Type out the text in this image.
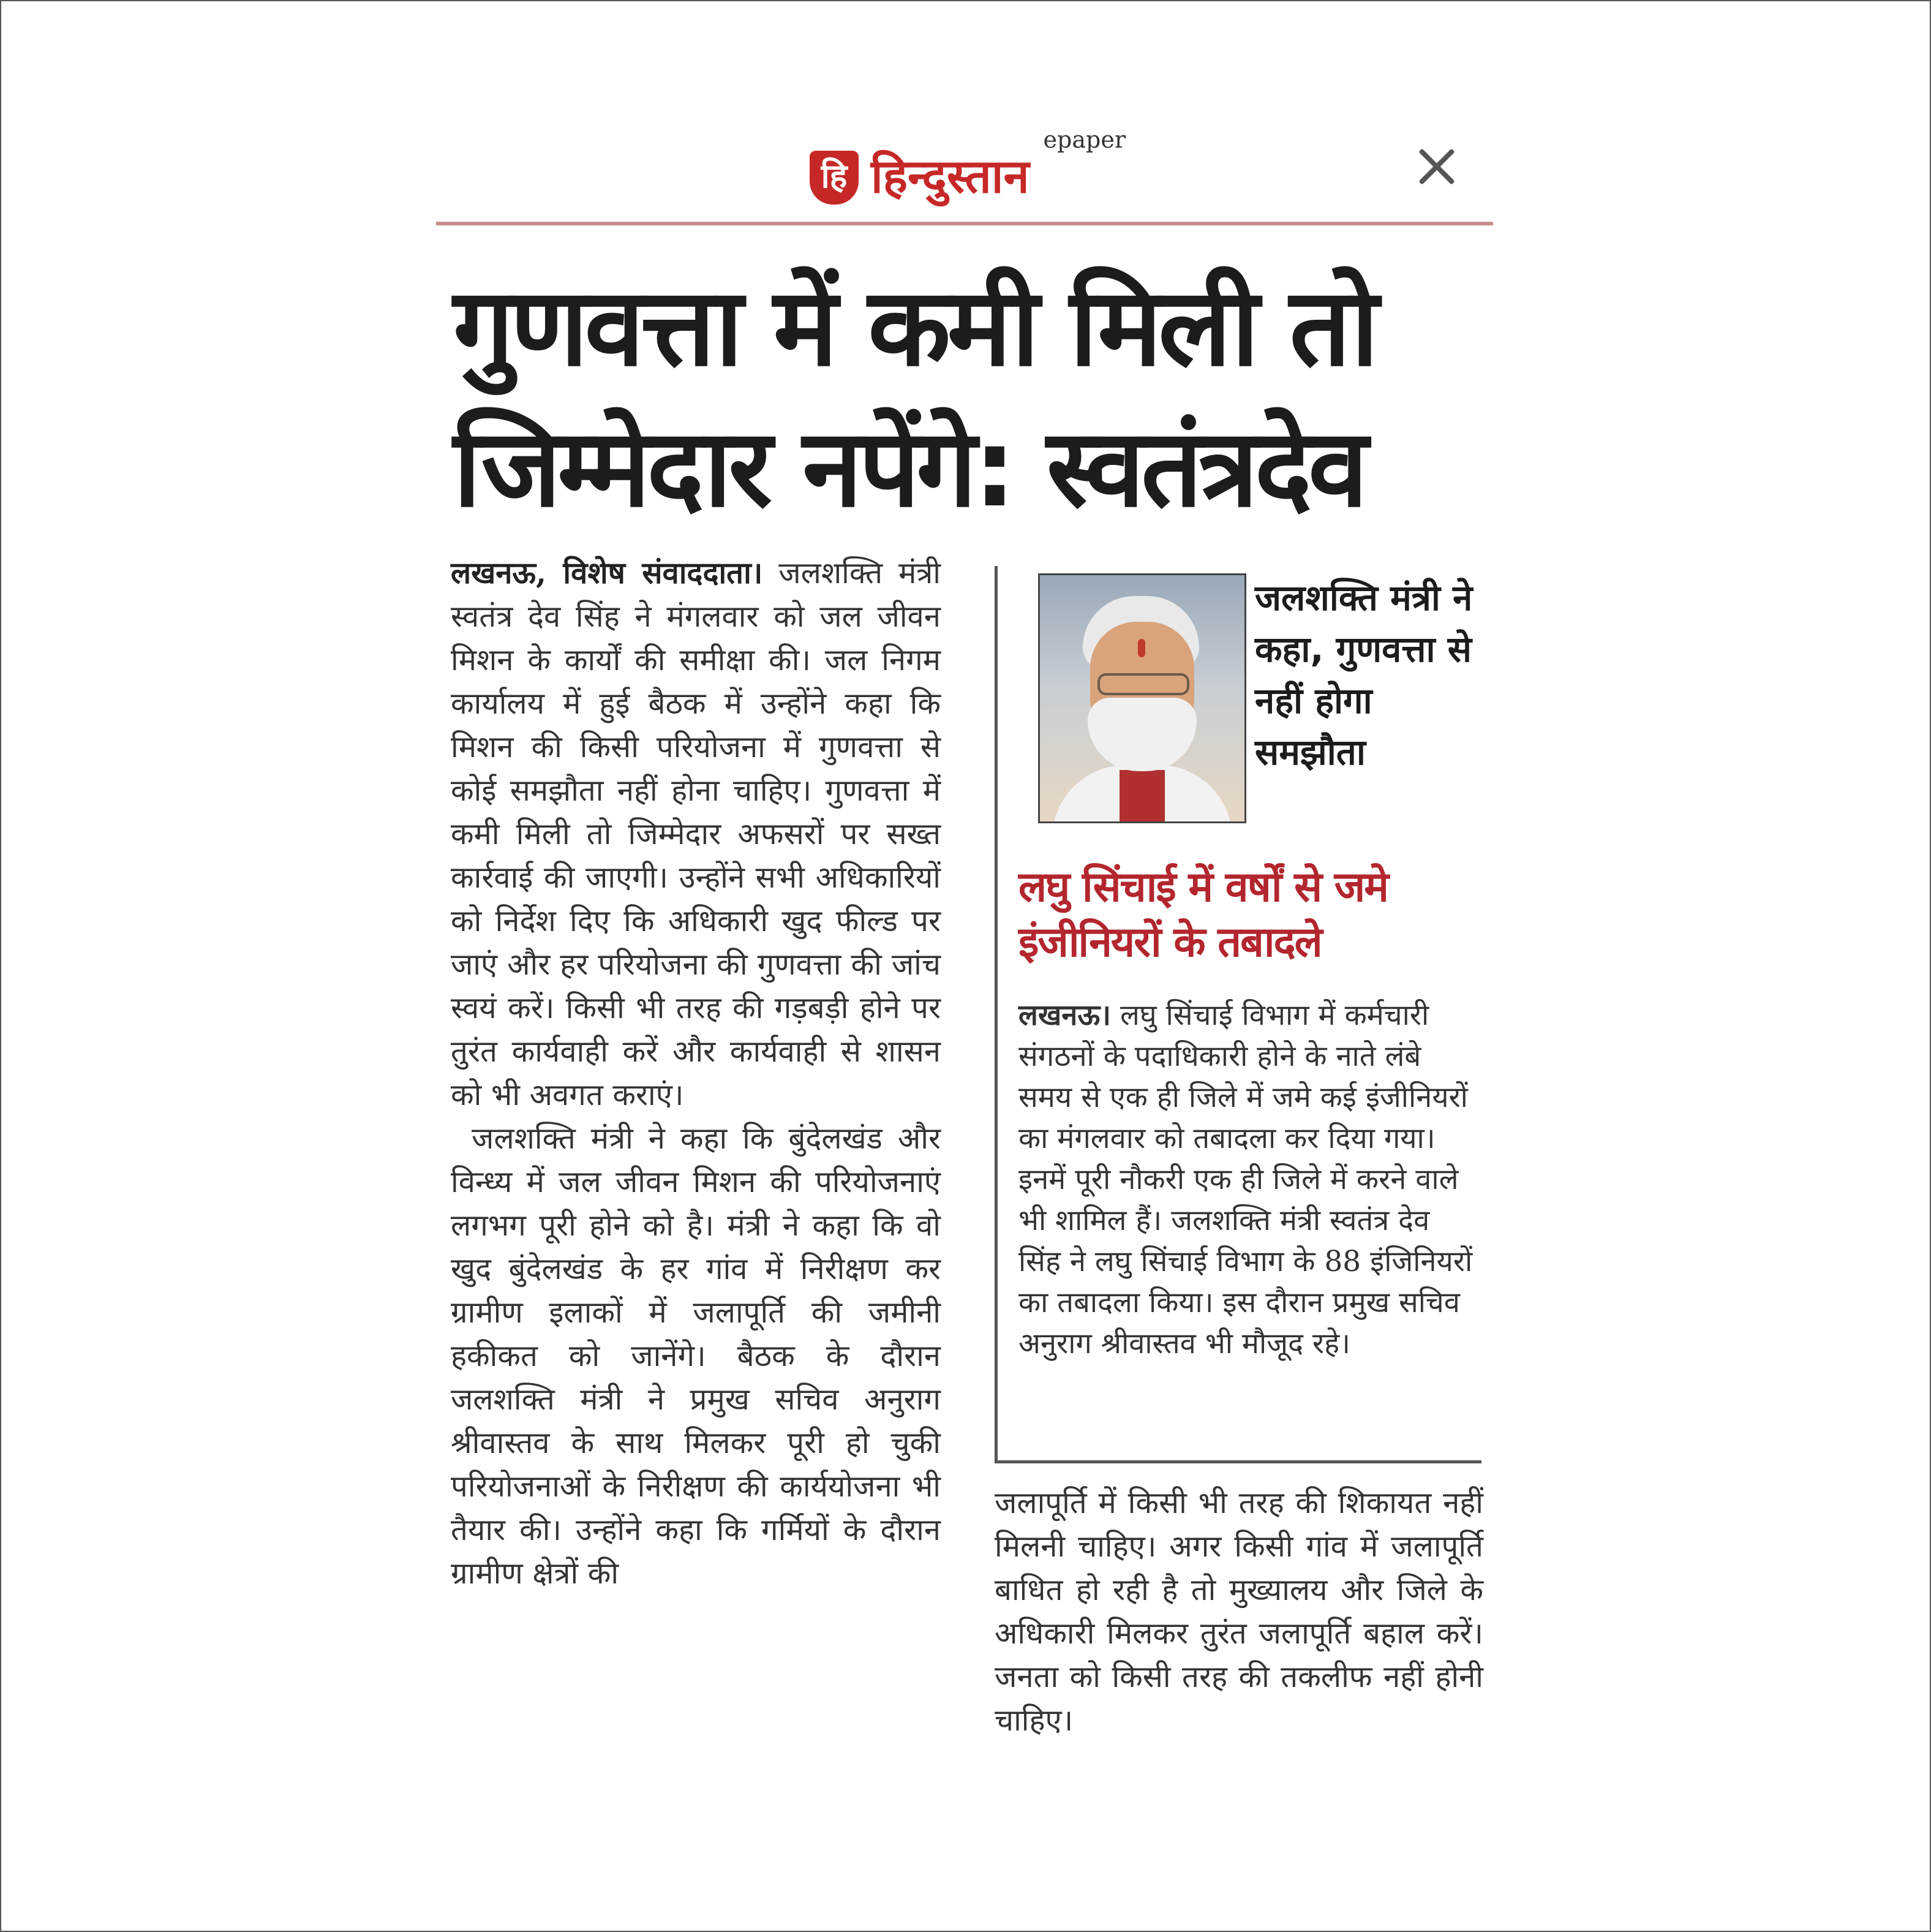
हि हिन्दुस्तान
epaper
गुणवत्ता में कमी मिली तो
जिम्मेदार नपेंगे: स्वतंत्रदेव

लखनऊ, विशेष संवाददाता। जलशक्ति मंत्री स्वतंत्र देव सिंह ने मंगलवार को जल जीवन मिशन के कार्यों की समीक्षा की। जल निगम कार्यालय में हुई बैठक में उन्होंने कहा कि मिशन की किसी परियोजना में गुणवत्ता से कोई समझौता नहीं होना चाहिए। गुणवत्ता में कमी मिली तो जिम्मेदार अफसरों पर सख्त कार्रवाई की जाएगी। उन्होंने सभी अधिकारियों को निर्देश दिए कि अधिकारी खुद फील्ड पर जाएं और हर परियोजना की गुणवत्ता की जांच स्वयं करें। किसी भी तरह की गड़बड़ी होने पर तुरंत कार्यवाही करें और कार्यवाही से शासन को भी अवगत कराएं।

जलशक्ति मंत्री ने कहा कि बुंदेलखंड और विन्ध्य में जल जीवन मिशन की परियोजनाएं लगभग पूरी होने को है। मंत्री ने कहा कि वो खुद बुंदेलखंड के हर गांव में निरीक्षण कर ग्रामीण इलाकों में जलापूर्ति की जमीनी हकीकत को जानेंगे। बैठक के दौरान जलशक्ति मंत्री ने प्रमुख सचिव अनुराग श्रीवास्तव के साथ मिलकर पूरी हो चुकी परियोजनाओं के निरीक्षण की कार्ययोजना भी तैयार की। उन्होंने कहा कि गर्मियों के दौरान ग्रामीण क्षेत्रों की

जलशक्ति मंत्री ने कहा, गुणवत्ता से नहीं होगा समझौता
लघु सिंचाई में वर्षों से जमे इंजीनियरों के तबादले

लखनऊ। लघु सिंचाई विभाग में कर्मचारी संगठनों के पदाधिकारी होने के नाते लंबे समय से एक ही जिले में जमे कई इंजीनियरों का मंगलवार को तबादला कर दिया गया। इनमें पूरी नौकरी एक ही जिले में करने वाले भी शामिल हैं। जलशक्ति मंत्री स्वतंत्र देव सिंह ने लघु सिंचाई विभाग के 88 इंजिनियरों का तबादला किया। इस दौरान प्रमुख सचिव अनुराग श्रीवास्तव भी मौजूद रहे।

जलापूर्ति में किसी भी तरह की शिकायत नहीं मिलनी चाहिए। अगर किसी गांव में जलापूर्ति बाधित हो रही है तो मुख्यालय और जिले के अधिकारी मिलकर तुरंत जलापूर्ति बहाल करें। जनता को किसी तरह की तकलीफ नहीं होनी चाहिए।
